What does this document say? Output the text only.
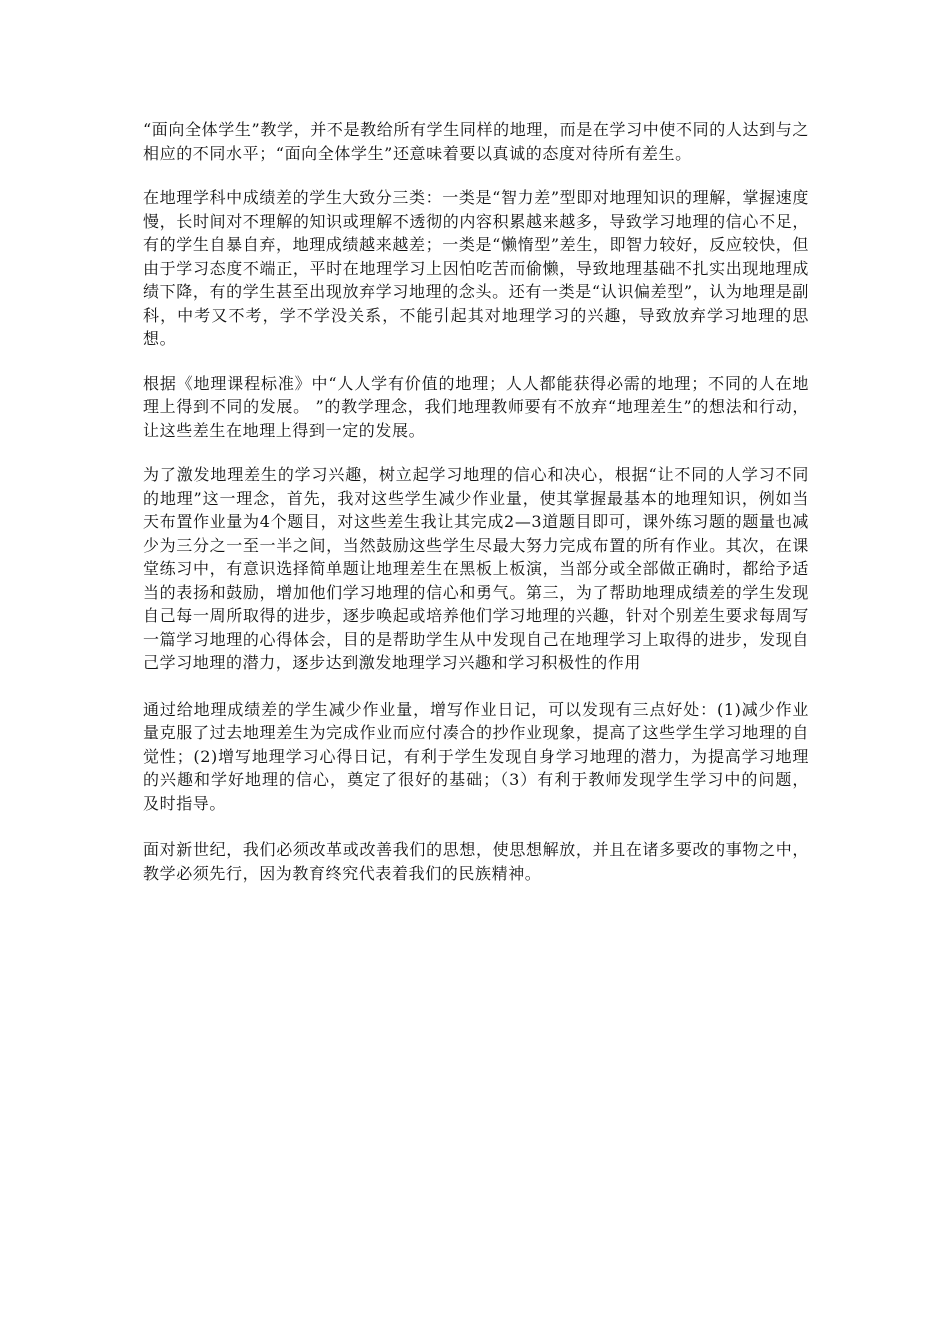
“面向全体学生”教学，并不是教给所有学生同样的地理，而是在学习中使不同的人达到与之相应的不同水平；“面向全体学生”还意味着要以真诚的态度对待所有差生。

在地理学科中成绩差的学生大致分三类：一类是“智力差”型即对地理知识的理解，掌握速度慢，长时间对不理解的知识或理解不透彻的内容积累越来越多，导致学习地理的信心不足，有的学生自暴自弃，地理成绩越来越差；一类是“懒惰型”差生，即智力较好，反应较快，但由于学习态度不端正，平时在地理学习上因怕吃苦而偷懒，导致地理基础不扎实出现地理成绩下降，有的学生甚至出现放弃学习地理的念头。还有一类是“认识偏差型”，认为地理是副科，中考又不考，学不学没关系，不能引起其对地理学习的兴趣，导致放弃学习地理的思想。

根据《地理课程标准》中“人人学有价值的地理；人人都能获得必需的地理；不同的人在地理上得到不同的发展。 ”的教学理念，我们地理教师要有不放弃“地理差生”的想法和行动，让这些差生在地理上得到一定的发展。

为了激发地理差生的学习兴趣，树立起学习地理的信心和决心，根据“让不同的人学习不同的地理”这一理念，首先，我对这些学生减少作业量，使其掌握最基本的地理知识，例如当天布置作业量为4个题目，对这些差生我让其完成2—3道题目即可，课外练习题的题量也减少为三分之一至一半之间，当然鼓励这些学生尽最大努力完成布置的所有作业。其次，在课堂练习中，有意识选择简单题让地理差生在黑板上板演，当部分或全部做正确时，都给予适当的表扬和鼓励，增加他们学习地理的信心和勇气。第三，为了帮助地理成绩差的学生发现自己每一周所取得的进步，逐步唤起或培养他们学习地理的兴趣，针对个别差生要求每周写一篇学习地理的心得体会，目的是帮助学生从中发现自己在地理学习上取得的进步，发现自己学习地理的潜力，逐步达到激发地理学习兴趣和学习积极性的作用

通过给地理成绩差的学生减少作业量，增写作业日记，可以发现有三点好处：(1)减少作业量克服了过去地理差生为完成作业而应付凑合的抄作业现象，提高了这些学生学习地理的自觉性；(2)增写地理学习心得日记，有利于学生发现自身学习地理的潜力，为提高学习地理的兴趣和学好地理的信心，奠定了很好的基础；（3）有利于教师发现学生学习中的问题，及时指导。

面对新世纪，我们必须改革或改善我们的思想，使思想解放，并且在诸多要改的事物之中，教学必须先行，因为教育终究代表着我们的民族精神。
